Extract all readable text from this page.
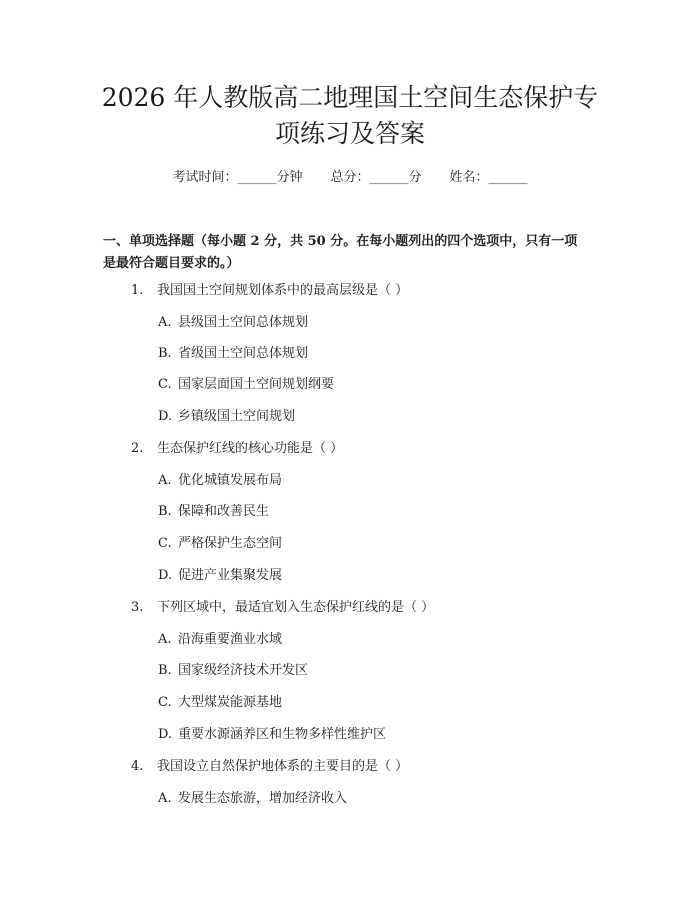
2026 年人教版高二地理国土空间生态保护专
项练习及答案
考试时间：______分钟 总分：______分 姓名：______

一、单项选择题（每小题 2 分，共 50 分。在每小题列出的四个选项中，只有一项

是最符合题目要求的。）

1. 我国国土空间规划体系中的最高层级是（ ）
A. 县级国土空间总体规划
B. 省级国土空间总体规划
C. 国家层面国土空间规划纲要
D. 乡镇级国土空间规划
2. 生态保护红线的核心功能是（ ）
A. 优化城镇发展布局
B. 保障和改善民生
C. 严格保护生态空间
D. 促进产业集聚发展
3. 下列区域中，最适宜划入生态保护红线的是（ ）
A. 沿海重要渔业水域
B. 国家级经济技术开发区
C. 大型煤炭能源基地
D. 重要水源涵养区和生物多样性维护区
4. 我国设立自然保护地体系的主要目的是（ ）
A. 发展生态旅游，增加经济收入
